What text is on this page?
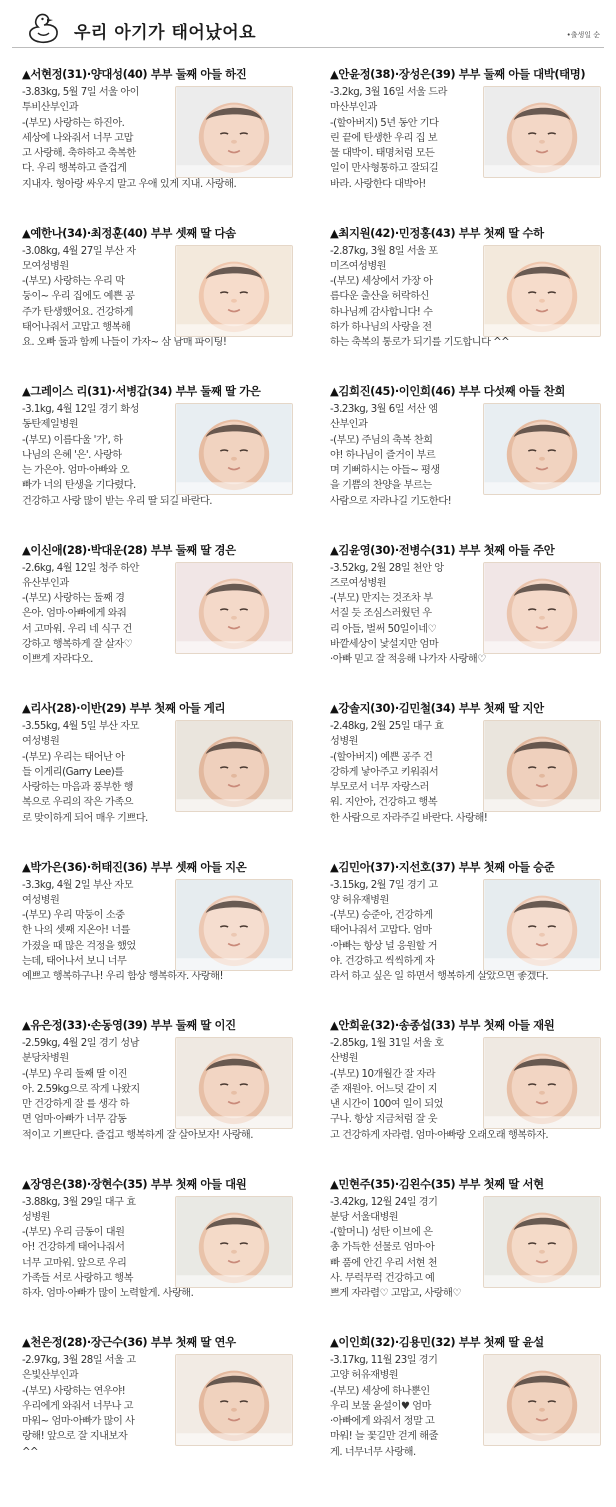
우리 아기가 태어났어요	•출생일 순
▲서현정(31)·양대성(40) 부부 둘째 아들 하진
-3.83kg, 5월 7일 서울 아이
투비산부인과
-(부모) 사랑하는 하진아.
세상에 나와줘서 너무 고맙
고 사랑해. 축하하고 축복한
다. 우리 행복하고 즐겁게
지내자. 형아랑 싸우지 말고 우애 있게 지내. 사랑해.
▲예한나(34)·최정훈(40) 부부 셋째 딸 다솜
-3.08kg, 4월 27일 부산 자
모여성병원
-(부모) 사랑하는 우리 막
둥이~ 우리 집에도 예쁜 공
주가 탄생했어요. 건강하게
태어나줘서 고맙고 행복해
요. 오빠 둘과 함께 나들이 가자~ 삼 남매 파이팅!
▲그레이스 리(31)·서병갑(34) 부부 둘째 딸 가은
-3.1kg, 4월 12일 경기 화성
동탄제일병원
-(부모) 이름다울 '가', 하
나님의 은혜 '은'. 사랑하
는 가은아. 엄마·아빠와 오
빠가 너의 탄생을 기다렸다.
건강하고 사랑 많이 받는 우리 딸 되길 바란다.
▲이신애(28)·박대운(28) 부부 둘째 딸 경은
-2.6kg, 4월 12일 청주 하안
유산부인과
-(부모) 사랑하는 둘째 경
은아. 엄마·아빠에게 와줘
서 고마워. 우리 네 식구 건
강하고 행복하게 잘 살자♡
이쁘게 자라다오.
▲리사(28)·이반(29) 부부 첫째 아들 게리
-3.55kg, 4월 5일 부산 자모
여성병원
-(부모) 우리는 태어난 아
들 이게리(Garry Lee)를
사랑하는 마음과 풍부한 행
복으로 우리의 작은 가족으
로 맞이하게 되어 매우 기쁘다.
▲박가은(36)·허태진(36) 부부 셋째 아들 지온
-3.3kg, 4월 2일 부산 자모
여성병원
-(부모) 우리 막둥이 소중
한 나의 셋째 지온아! 너를
가졌을 때 많은 걱정을 했었
는데, 태어나서 보니 너무
예쁘고 행복하구나! 우리 함상 행복하자. 사랑해!
▲유은정(33)·손동영(39) 부부 둘째 딸 이진
-2.59kg, 4월 2일 경기 성남
분당차병원
-(부모) 우리 둘째 딸 이진
아. 2.59kg으로 작게 나왔지
만 건강하게 잘 를 생각 하
면 엄마·아빠가 너무 감동
적이고 기쁘단다. 즐겁고 행복하게 잘 살아보자! 사랑해.
▲장영은(38)·장현수(35) 부부 첫째 아들 대원
-3.88kg, 3월 29일 대구 효
성병원
-(부모) 우리 금동이 대원
아! 건강하게 태어나줘서
너무 고마워. 앞으로 우리
가족들 서로 사랑하고 행복
하자. 엄마·아빠가 많이 노력할게. 사랑해.
▲천은정(28)·장근수(36) 부부 첫째 딸 연우
-2.97kg, 3월 28일 서울 고
은빛산부인과
-(부모) 사랑하는 연우야!
우리에게 와줘서 너무나 고
마워~ 엄마·아빠가 많이 사
랑해! 앞으로 잘 지내보자
^^
▲안윤정(38)·장성은(39) 부부 둘째 아들 대박(태명)
-3.2kg, 3월 16일 서울 드라
마산부인과
-(할아버지) 5년 동안 기다
린 끝에 탄생한 우리 집 보
물 대박이. 태명처럼 모든
일이 만사형통하고 잘되길
바라. 사랑한다 대박아!
▲최지원(42)·민정홍(43) 부부 첫째 딸 수하
-2.87kg, 3월 8일 서울 포
미즈여성병원
-(부모) 세상에서 가장 아
름다운 출산을 허락하신
하나님께 감사합니다! 수
하가 하나님의 사랑을 전
하는 축복의 통로가 되기를 기도합니다 ^^
▲김희진(45)·이인희(46) 부부 다섯째 아들 찬희
-3.23kg, 3월 6일 서산 엠
산부인과
-(부모) 주님의 축복 찬희
야! 하나님이 즐거이 부르
며 기뻐하시는 아들~ 평생
을 기쁨의 찬양을 부르는
사람으로 자라나길 기도한다!
▲김윤영(30)·전병수(31) 부부 첫째 아들 주안
-3.52kg, 2월 28일 천안 앙
즈로여성병원
-(부모) 만지는 것조차 부
서질 듯 조심스러웠던 우
리 아들, 벌써 50일이네♡
바깥세상이 낯설지만 엄마
·아빠 믿고 잘 적응해 나가자 사랑해♡
▲강솔지(30)·김민철(34) 부부 첫째 딸 지안
-2.48kg, 2월 25일 대구 효
성병원
-(할아버지) 예쁜 공주 건
강하게 낳아주고 키워줘서
부모로서 너무 자랑스러
워. 지안아, 건강하고 행복
한 사람으로 자라주길 바란다. 사랑해!
▲김민아(37)·지선호(37) 부부 첫째 아들 승준
-3.15kg, 2월 7일 경기 고
양 허유재병원
-(부모) 승준아, 건강하게
태어나줘서 고맙다. 엄마
·아빠는 항상 널 응원할 거
야. 건강하고 씩씩하게 자
라서 하고 싶은 일 하면서 행복하게 살았으면 좋겠다.
▲안희윤(32)·송종섭(33) 부부 첫째 아들 재원
-2.85kg, 1월 31일 서울 호
산병원
-(부모) 10개월간 잘 자라
준 재원아. 어느덧 같이 지
낸 시간이 100여 일이 되었
구나. 항상 지금처럼 잘 웃
고 건강하게 자라렴. 엄마·아빠랑 오래오래 행복하자.
▲민현주(35)·김왼수(35) 부부 첫째 딸 서현
-3.42kg, 12월 24일 경기
분당 서울대병원
-(할머니) 성탄 이브에 은
총 가득한 선물로 엄마·아
빠 품에 안긴 우리 서현 천
사. 무럭무럭 건강하고 예
쁘게 자라렴♡ 고맙고, 사랑해♡
▲이인희(32)·김용민(32) 부부 첫째 딸 윤설
-3.17kg, 11월 23일 경기
고양 허유재병원
-(부모) 세상에 하나뿐인
우리 보물 윤설이♥ 엄마
·아빠에게 와줘서 정말 고
마워! 늘 꽃길만 걷게 해줄
게. 너무너무 사랑해.
